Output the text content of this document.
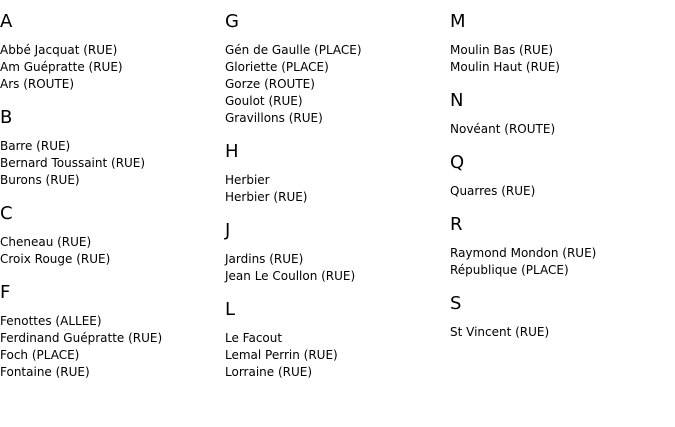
A
Abbé Jacquat (RUE)
Am Guépratte (RUE)
Ars (ROUTE)
B
Barre (RUE)
Bernard Toussaint (RUE)
Burons (RUE)
C
Cheneau (RUE)
Croix Rouge (RUE)
F
Fenottes (ALLEE)
Ferdinand Guépratte (RUE)
Foch (PLACE)
Fontaine (RUE)
G
Gén de Gaulle (PLACE)
Gloriette (PLACE)
Gorze (ROUTE)
Goulot (RUE)
Gravillons (RUE)
H
Herbier
Herbier (RUE)
J
Jardins (RUE)
Jean Le Coullon (RUE)
L
Le Facout
Lemal Perrin (RUE)
Lorraine (RUE)
M
Moulin Bas (RUE)
Moulin Haut (RUE)
N
Novéant (ROUTE)
Q
Quarres (RUE)
R
Raymond Mondon (RUE)
République (PLACE)
S
St Vincent (RUE)
